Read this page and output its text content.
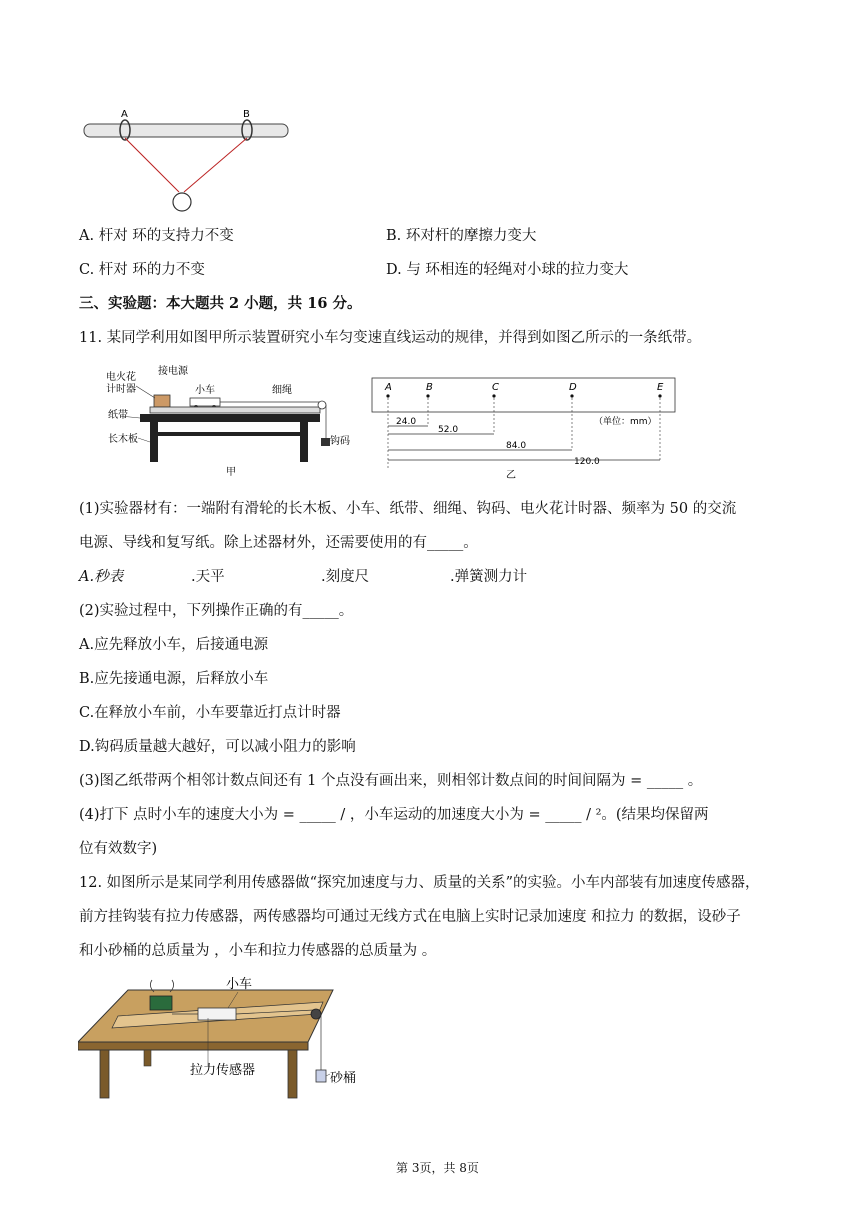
A	B
A. 杆对 环的支持力不变	B. 环对杆的摩擦力变大
C. 杆对 环的力不变	D. 与 环相连的轻绳对小球的拉力变大
三、实验题：本大题共 2 小题，共 16 分。
11. 某同学利用如图甲所示装置研究小车匀变速直线运动的规律，并得到如图乙所示的一条纸带。
电火花
计时器
接电源
小车	细绳
纸带
长木板	钩码
甲
A	B	C	D	E
24.0
52.0
84.0
120.0
（单位：mm）
乙
(1)实验器材有：一端附有滑轮的长木板、小车、纸带、细绳、钩码、电火花计时器、频率为 50 的交流
电源、导线和复写纸。除上述器材外，还需要使用的有_____。
A.秒表	.天平	.刻度尺	.弹簧测力计
(2)实验过程中，下列操作正确的有_____。
A.应先释放小车，后接通电源
B.应先接通电源，后释放小车
C.在释放小车前，小车要靠近打点计时器
D.钩码质量越大越好，可以减小阻力的影响
(3)图乙纸带两个相邻计数点间还有 1 个点没有画出来，则相邻计数点间的时间间隔为 = _____ 。
(4)打下 点时小车的速度大小为 = _____ / ，小车运动的加速度大小为 = _____ / ²。(结果均保留两
位有效数字)
12. 如图所示是某同学利用传感器做“探究加速度与力、质量的关系”的实验。小车内部装有加速度传感器，
前方挂钩装有拉力传感器，两传感器均可通过无线方式在电脑上实时记录加速度 和拉力 的数据，设砂子
和小砂桶的总质量为 ，小车和拉力传感器的总质量为 。
小车
拉力传感器
砂桶
第 3页，共 8页
